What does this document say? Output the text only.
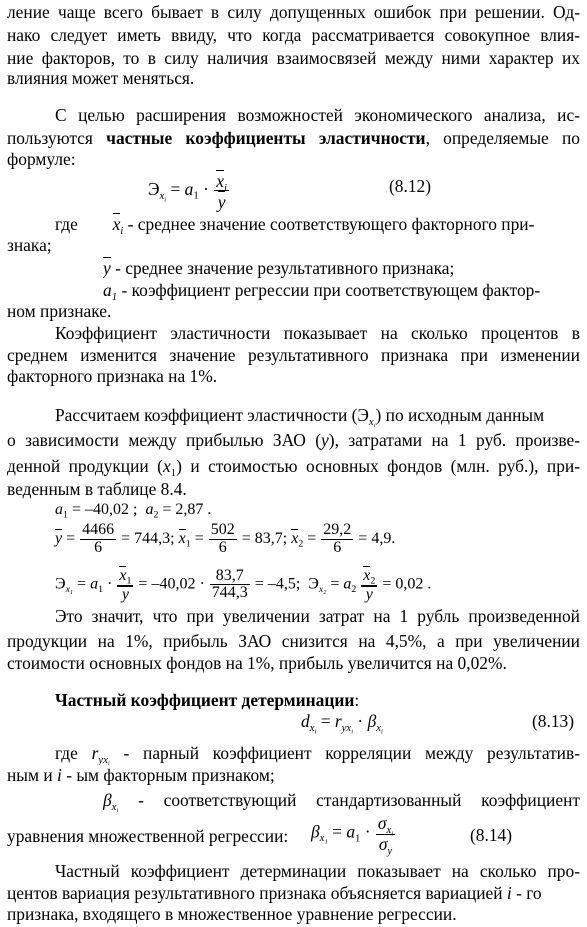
ление чаще всего бывает в силу допущенных ошибок при решении. Од-
нако следует иметь ввиду, что когда рассматривается совокупное влия-
ние факторов, то в силу наличия взаимосвязей между ними характер их
влияния может меняться.
С целью расширения возможностей экономического анализа, ис-
пользуются частные коэффициенты эластичности, определяемые по
формуле:
$Э_{x_i} = a_1 \cdot \frac{x_i}{y}$	(8.12)
где $x_i$ - среднее значение соответствующего факторного при-
знака;
y - среднее значение результативного признака;
$a_1$ - коэффициент регрессии при соответствующем фактор-
ном признаке.
Коэффициент эластичности показывает на сколько процентов в
среднем изменится значение результативного признака при изменении
факторного признака на 1%.
Рассчитаем коэффициент эластичности $(Э_{x_i})$ по исходным данным
о зависимости между прибылью ЗАО (y), затратами на 1 руб. произве-
денной продукции $(x_1)$ и стоимостью основных фондов (млн. руб.), при-
веденным в таблице 8.4.
$a_1 = -40,02$ ;  $a_2 = 2,87$ .
$y = \frac{4466}{6} = 744,3$; $x_1 = \frac{502}{6} = 83,7$; $x_2 = \frac{29,2}{6} = 4,9$.
$Э_{x_1} = a_1 \cdot \frac{x_1}{y} = -40,02 \cdot \frac{83,7}{744,3} = -4,5$;  $Э_{x_2} = a_2 \frac{x_2}{y} = 0,02$ .
Это значит, что при увеличении затрат на 1 рубль произведенной
продукции на 1%, прибыль ЗАО снизится на 4,5%, а при увеличении
стоимости основных фондов на 1%, прибыль увеличится на 0,02%.
Частный коэффициент детерминации:
$d_{x_i} = r_{yx_i} \cdot \beta_{x_i}$
(8.13)
где $r_{yx_i}$ - парный коэффициент корреляции между результатив-
ным и i - ым факторным признаком;
$\beta_{x_i}$ - соответствующий стандартизованный коэффициент
уравнения множественной регрессии:	$\beta_{x_1} = a_1 \cdot \sigma_{x_i}$
$\sigma_y$
(8.14)
Частный коэффициент детерминации показывает на сколько про-
центов вариация результативного признака объясняется вариацией i - го
признака, входящего в множественное уравнение регрессии.
